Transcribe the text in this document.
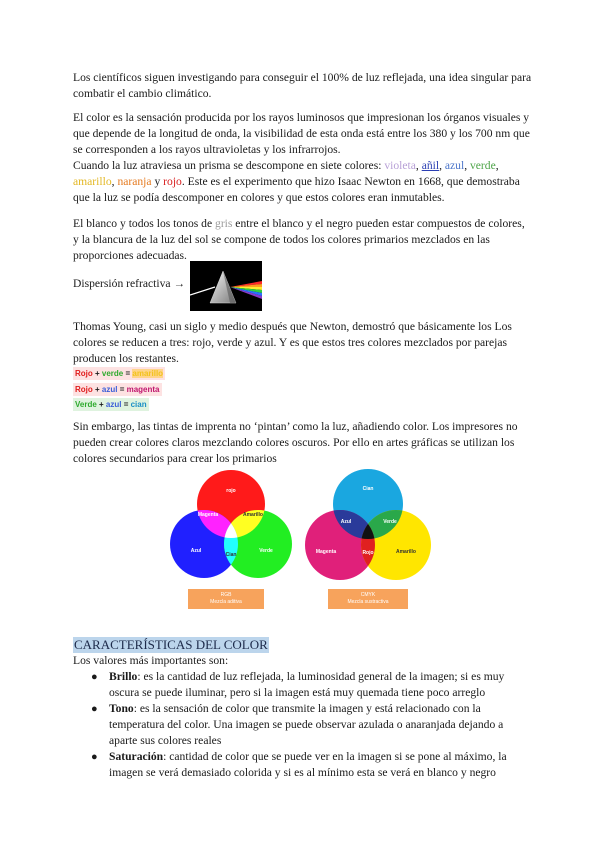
Los científicos siguen investigando para conseguir el 100% de luz reflejada, una idea singular para combatir el cambio climático.

El color es la sensación producida por los rayos luminosos que impresionan los órganos visuales y que depende de la longitud de onda, la visibilidad de esta onda está entre los 380 y los 700 nm que se corresponden a los rayos ultravioletas y los infrarrojos.

Cuando la luz atraviesa un prisma se descompone en siete colores: violeta, añil, azul, verde, amarillo, naranja y rojo. Este es el experimento que hizo Isaac Newton en 1668, que demostraba que la luz se podía descomponer en colores y que estos colores eran inmutables.

El blanco y todos los tonos de gris entre el blanco y el negro pueden estar compuestos de colores, y la blancura de la luz del sol se compone de todos los colores primarios mezclados en las proporciones adecuadas.

Dispersión refractiva →

Thomas Young, casi un siglo y medio después que Newton, demostró que básicamente los Los colores se reducen a tres: rojo, verde y azul. Y es que estos tres colores mezclados por parejas producen los restantes.

Rojo + verde = amarillo
Rojo + azul = magenta
Verde + azul = cian

Sin embargo, las tintas de imprenta no ‘pintan’ como la luz, añadiendo color. Los impresores no pueden crear colores claros mezclando colores oscuros. Por ello en artes gráficas se utilizan los colores secundarios para crear los primarios

rojo
Magenta	Amarillo
Azul
Cian
Verde
RGB
Mezcla aditiva
Cian
Azul	Verde
Magenta	Rojo	Amarillo
CMYK
Mezcla sustractiva
CARACTERÍSTICAS DEL COLOR

Los valores más importantes son:

● Brillo: es la cantidad de luz reflejada, la luminosidad general de la imagen; si es muy oscura se puede iluminar, pero si la imagen está muy quemada tiene poco arreglo
● Tono: es la sensación de color que transmite la imagen y está relacionado con la temperatura del color. Una imagen se puede observar azulada o anaranjada dejando a aparte sus colores reales
● Saturación: cantidad de color que se puede ver en la imagen si se pone al máximo, la imagen se verá demasiado colorida y si es al mínimo esta se verá en blanco y negro
